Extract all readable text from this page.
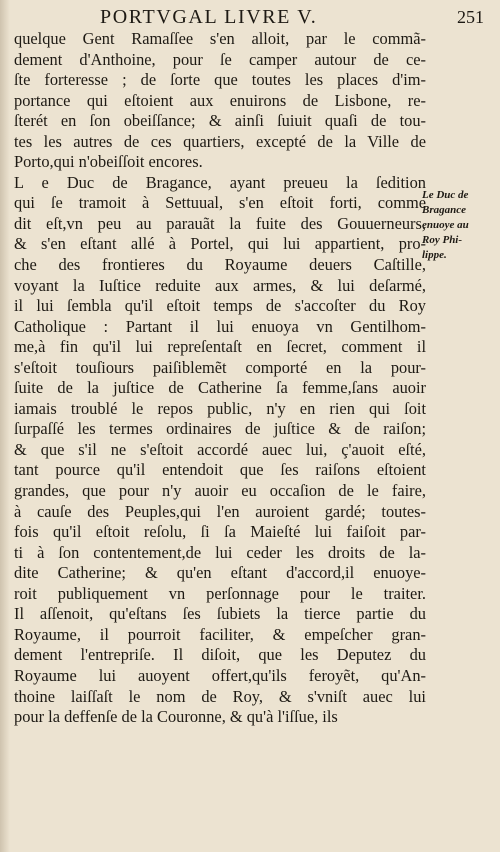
PORTVGAL LIVRE V.	251
quelque Gent Ramaſſee s'en alloit, par le commã-
dement d'Anthoine, pour ſe camper autour de ce-
ſte forteresse ; de ſorte que toutes les places d'im-
portance qui eſtoient aux enuirons de Lisbone, re-
ſterét en ſon obeiſſance; & ainſi ſuiuit quaſi de tou-
tes les autres de ces quartiers, excepté de la Ville de
Porto,qui n'obeiſſoit encores.
L e Duc de Bragance, ayant preueu la ſedition
qui ſe tramoit à Settuual, s'en eſtoit forti, comme
dit eſt,vn peu au parauãt la fuite des Gouuerneurs,
& s'en eſtant allé à Portel, qui lui appartient, pro-
che des frontieres du Royaume deuers Caſtille,
voyant la Iuſtice reduite aux armes, & lui deſarmé,
il lui ſembla qu'il eſtoit temps de s'accoſter du Roy
Catholique : Partant il lui enuoya vn Gentilhom-
me,à fin qu'il lui repreſentaſt en ſecret, comment il
s'eſtoit touſiours paiſiblemẽt comporté en la pour-
ſuite de la juſtice de Catherine ſa femme,ſans auoir
iamais troublé le repos public, n'y en rien qui ſoit
ſurpaſſé les termes ordinaires de juſtice & de raiſon;
& que s'il ne s'eſtoit accordé auec lui, ç'auoit eſté,
tant pource qu'il entendoit que ſes raiſons eſtoient
grandes, que pour n'y auoir eu occaſion de le faire,
à cauſe des Peuples,qui l'en auroient gardé; toutes-
fois qu'il eſtoit reſolu, ſi ſa Maieſté lui faiſoit par-
ti à ſon contentement,de lui ceder les droits de la-
dite Catherine; & qu'en eſtant d'accord,il enuoye-
roit publiquement vn perſonnage pour le traiter.
Il aſſenoit, qu'eſtans ſes ſubiets la tierce partie du
Royaume, il pourroit faciliter, & empeſcher gran-
dement l'entrepriſe. Il diſoit, que les Deputez du
Royaume lui auoyent offert,qu'ils feroyẽt, qu'An-
thoine laiſſaſt le nom de Roy, & s'vniſt auec lui
pour la deffenſe de la Couronne, & qu'à l'iſſue, ils
Le Duc de
Bragance
enuoye au
Roy Phi-
lippe.
